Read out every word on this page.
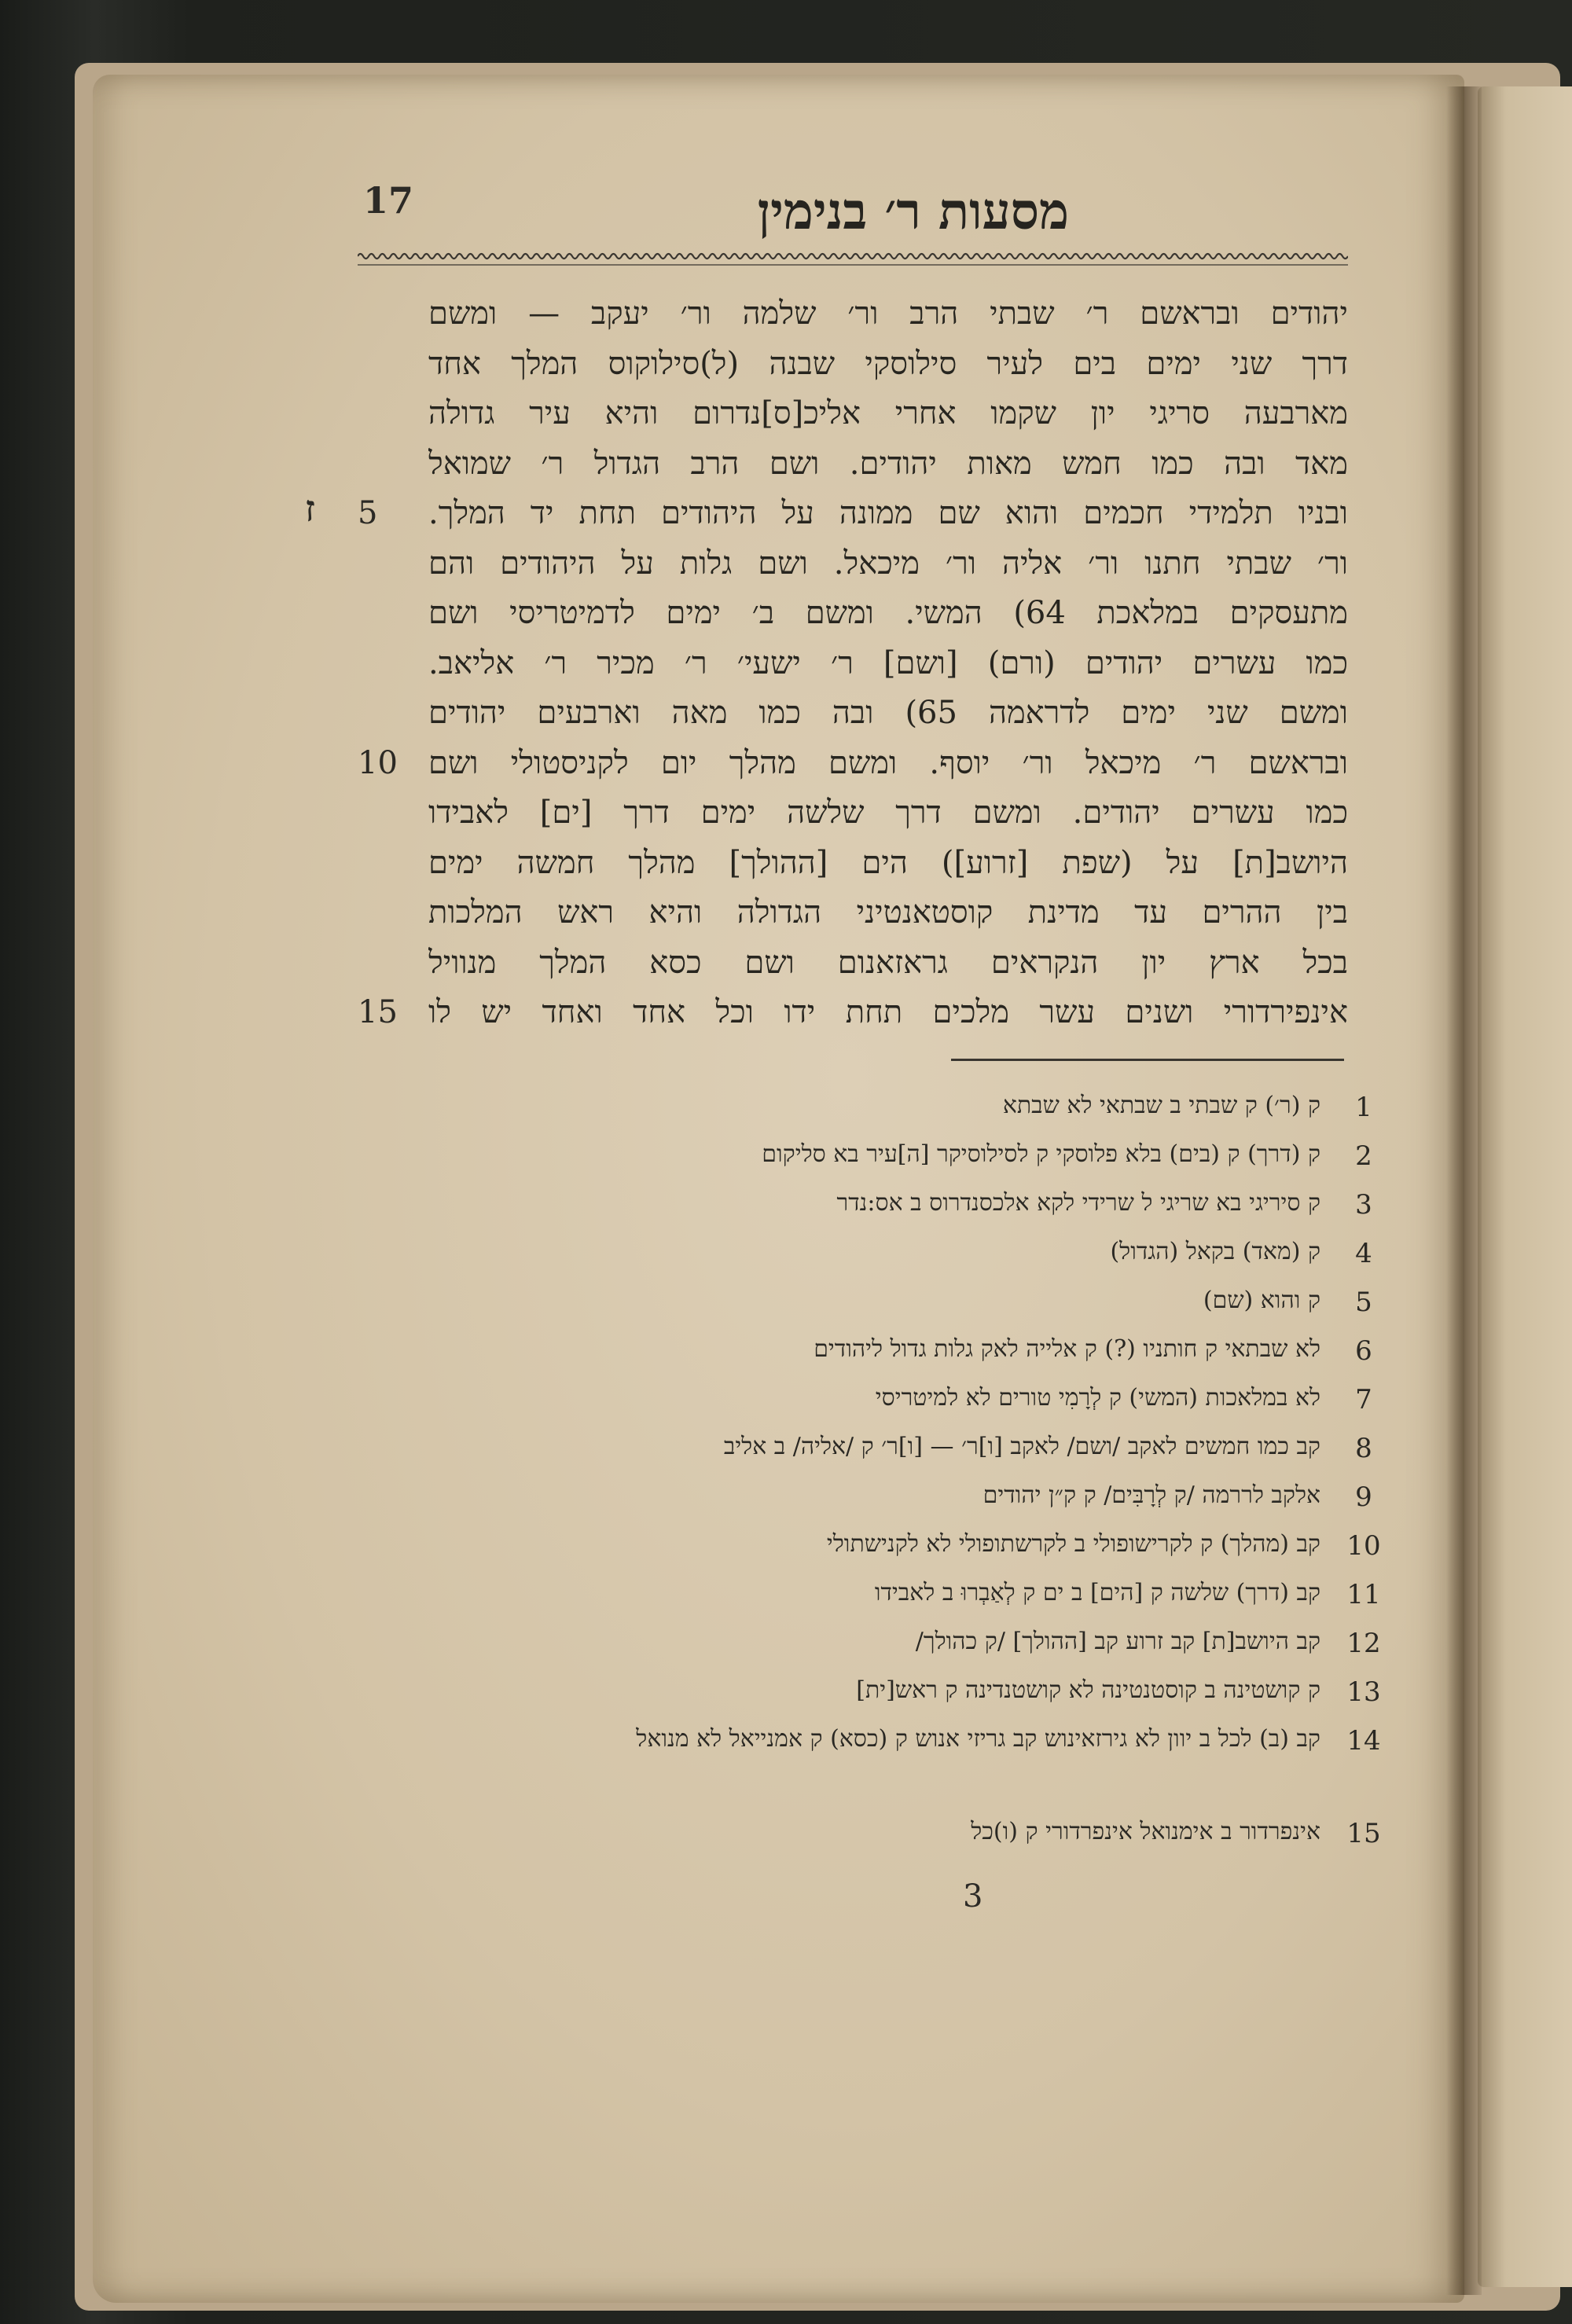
17	מסעות ר׳ בנימין
ז
יהודים ובראשם ר׳ שבתי הרב ור׳ שלמה ור׳ יעקב — ומשם
דרך שני ימים בים לעיר סילוסקי שבנה (ל)סילוקוס המלך אחד
מארבעה סריגי יון שקמו אחרי אליכ[ס]נדרום והיא עיר גדולה
מאד ובה כמו חמש מאות יהודים. ושם הרב הגדול ר׳ שמואל
ובניו תלמידי חכמים והוא שם ממונה על היהודים תחת יד המלך.
ור׳ שבתי חתנו ור׳ אליה ור׳ מיכאל. ושם גלות על היהודים והם
מתעסקים במלאכת 64) המשי. ומשם ב׳ ימים לדמיטריסי ושם
כמו עשרים יהודים (ורם) [ושם] ר׳ ישעי׳ ר׳ מכיר ר׳ אליאב.
ומשם שני ימים לדראמה 65) ובה כמו מאה וארבעים יהודים
ובראשם ר׳ מיכאל ור׳ יוסף. ומשם מהלך יום לקניסטולי ושם
כמו עשרים יהודים. ומשם דרך שלשה ימים דרך [ים] לאבידו
היושב[ת] על (שפת [זרוע]) הים [ההולך] מהלך חמשה ימים
בין ההרים עד מדינת קוסטאנטיני הגדולה והיא ראש המלכות
בכל ארץ יון הנקראים גראזאנום ושם כסא המלך מנוויל
אינפירדורי ושנים עשר מלכים תחת ידו וכל אחד ואחד יש לו
5
10
15
1
ק (ר׳) ק שבתי ב שבתאי לא שבתא
2
ק (דרך) ק (בים) בלא פלוסקי ק לסילוסיקר [ה]עיר בא סליקום
3
ק סיריגי בא שריגי ל שרידי לקא אלכסנדרוס ב אס:נדר
4
ק (מאד) בקאל (הגדול)
5
ק והוא (שם)
6
לא שבתאי ק חותניו (?) ק אלייה לאק גלות גדול ליהודים
7
לא במלאכות (המשי) ק לְרָמִי טורים לא למיטריסי
8
קב כמו חמשים לאקב /ושם/ לאקב [ו]ר׳ — [ו]ר׳ ק /אליה/ ב אליב
9
אלקב לררמה /ק לְרָבִּים/ ק ק״ן יהודים
10
קב (מהלך) ק לקרישופולי ב לקרשתופולי לא לקנישתולי
11
קב (דרך) שלשה ק [הים] ב ים ק לְאַבְרוּ ב לאבידו
12
קב היושב[ת] קב זרוע קב [ההולך] /ק כהולך/
13
ק קושטינה ב קוסטנטינה לא קושטנדינה ק ראש[ית]
14
קב (ב) לכל ב יוון לא גירזאינוש קב גריזי אנוש ק (כסא) ק אמנייאל לא מנואל
15
אינפרדור ב אימנואל אינפרדורי ק (ו)כל
3
